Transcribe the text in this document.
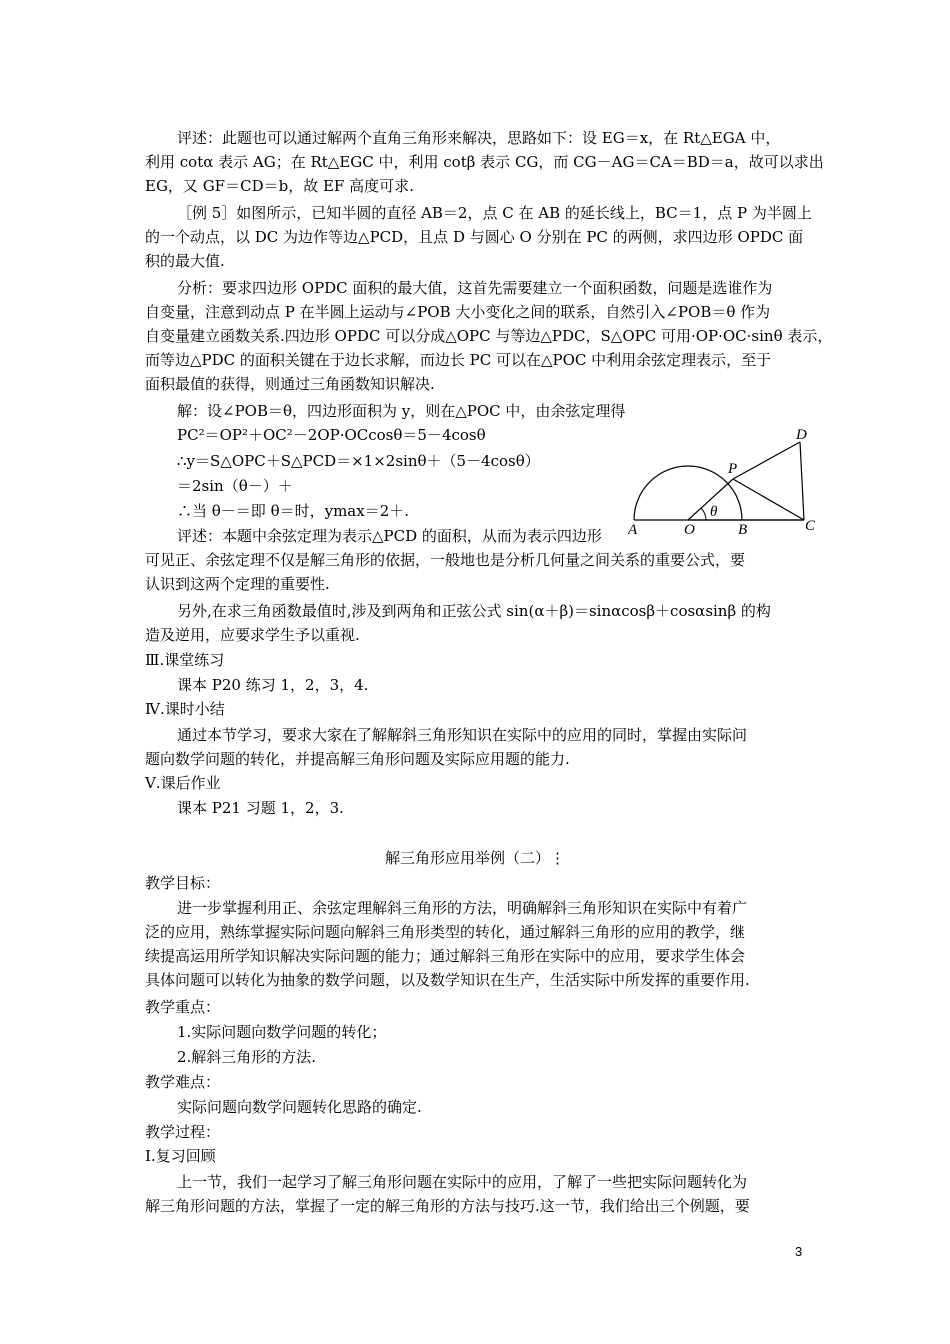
评述：此题也可以通过解两个直角三角形来解决，思路如下：设 EG＝x，在 Rt△EGA 中，
利用 cotα 表示 AG；在 Rt△EGC 中，利用 cotβ 表示 CG，而 CG－AG＝CA＝BD＝a，故可以求出
EG，又 GF＝CD＝b，故 EF 高度可求.
［例 5］如图所示，已知半圆的直径 AB＝2，点 C 在 AB 的延长线上，BC＝1，点 P 为半圆上
的一个动点，以 DC 为边作等边△PCD，且点 D 与圆心 O 分别在 PC 的两侧，求四边形 OPDC 面
积的最大值.
分析：要求四边形 OPDC 面积的最大值，这首先需要建立一个面积函数，问题是选谁作为
自变量，注意到动点 P 在半圆上运动与∠POB 大小变化之间的联系，自然引入∠POB＝θ 作为
自变量建立函数关系.四边形 OPDC 可以分成△OPC 与等边△PDC，S△OPC 可用·OP·OC·sinθ 表示，
而等边△PDC 的面积关键在于边长求解，而边长 PC 可以在△POC 中利用余弦定理表示，至于
面积最值的获得，则通过三角函数知识解决.
解：设∠POB＝θ，四边形面积为 y，则在△POC 中，由余弦定理得
PC²＝OP²＋OC²－2OP·OCcosθ＝5－4cosθ
∴y＝S△OPC＋S△PCD＝×1×2sinθ＋（5－4cosθ）
＝2sin（θ－）＋
∴当 θ－＝即 θ＝时，ymax＝2＋.
评述：本题中余弦定理为表示△PCD 的面积，从而为表示四边形
可见正、余弦定理不仅是解三角形的依据，一般地也是分析几何量之间关系的重要公式，要
认识到这两个定理的重要性.
另外,在求三角函数最值时,涉及到两角和正弦公式 sin(α＋β)＝sinαcosβ＋cosαsinβ 的构
造及逆用，应要求学生予以重视.
Ⅲ.课堂练习
课本 P20 练习 1，2，3，4.
Ⅳ.课时小结
通过本节学习，要求大家在了解解斜三角形知识在实际中的应用的同时，掌握由实际问
题向数学问题的转化，并提高解三角形问题及实际应用题的能力.
Ⅴ.课后作业
课本 P21 习题 1，2，3.
解三角形应用举例（二）⋮
教学目标：
进一步掌握利用正、余弦定理解斜三角形的方法，明确解斜三角形知识在实际中有着广
泛的应用，熟练掌握实际问题向解斜三角形类型的转化，通过解斜三角形的应用的教学，继
续提高运用所学知识解决实际问题的能力；通过解斜三角形在实际中的应用，要求学生体会
具体问题可以转化为抽象的数学问题，以及数学知识在生产，生活实际中所发挥的重要作用.
教学重点：
1.实际问题向数学问题的转化；
2.解斜三角形的方法.
教学难点：
实际问题向数学问题转化思路的确定.
教学过程：
Ⅰ.复习回顾
上一节，我们一起学习了解三角形问题在实际中的应用，了解了一些把实际问题转化为
解三角形问题的方法，掌握了一定的解三角形的方法与技巧.这一节，我们给出三个例题，要
D
P
A	O
θ
B	C
3
